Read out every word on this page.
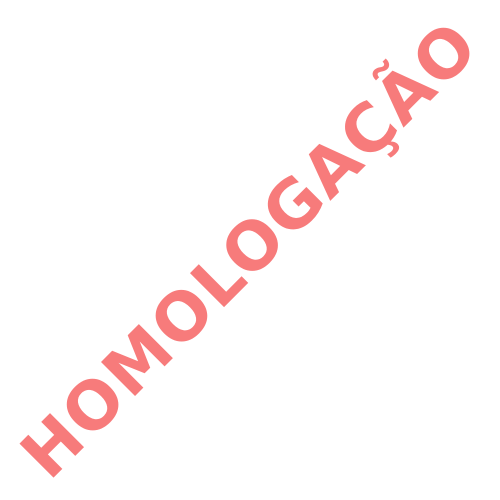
HOMOLOGAÇÃO
